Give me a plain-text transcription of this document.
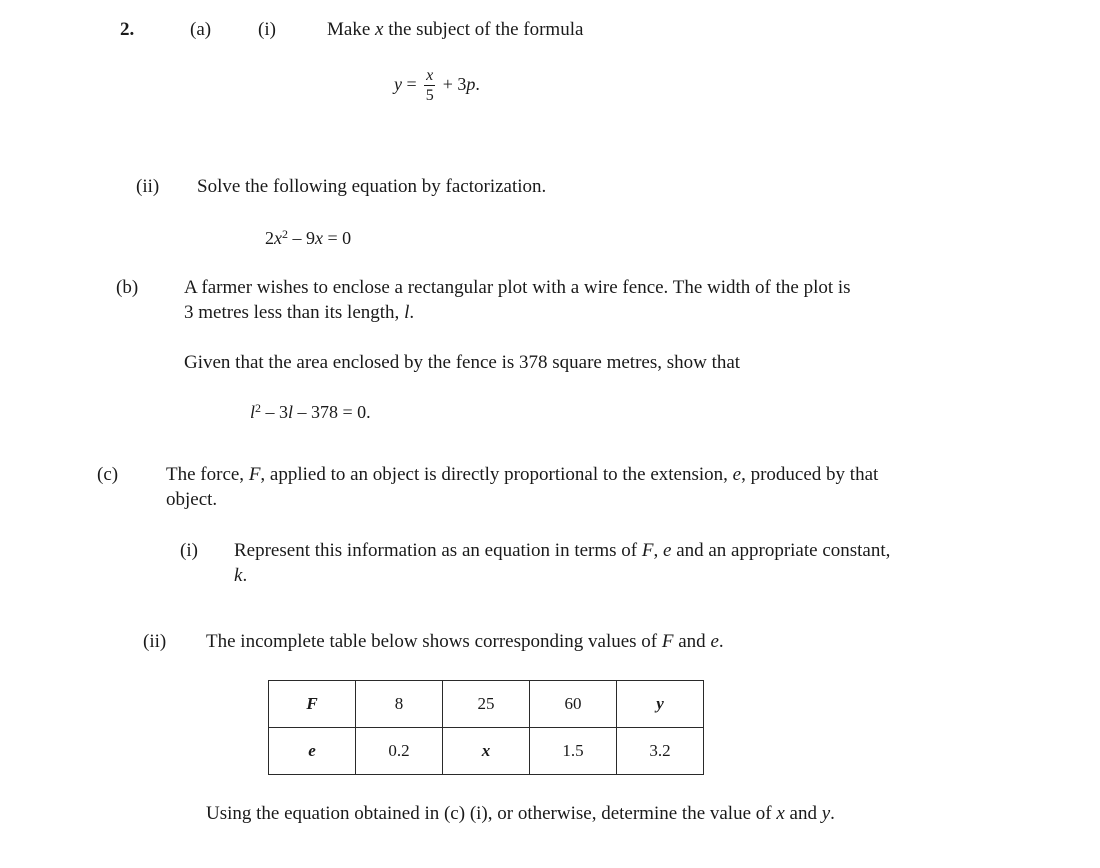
2.	(a) (i)	Make x the subject of the formula
$y = \frac{x}{5} + 3p$.
(ii) Solve the following equation by factorization.
$2x^2 - 9x = 0$
(b) A farmer wishes to enclose a rectangular plot with a wire fence. The width of the plot is
3 metres less than its length, l.
Given that the area enclosed by the fence is 378 square metres, show that
$l^2 - 3l - 378 = 0$.
(c)	The force, F, applied to an object is directly proportional to the extension, e, produced by that
object.
(i) Represent this information as an equation in terms of F, e and an appropriate constant,
k.
(ii) The incomplete table below shows corresponding values of F and e.
F	8	25	60	y
e	0.2	x	1.5	3.2
Using the equation obtained in (c) (i), or otherwise, determine the value of x and y.
